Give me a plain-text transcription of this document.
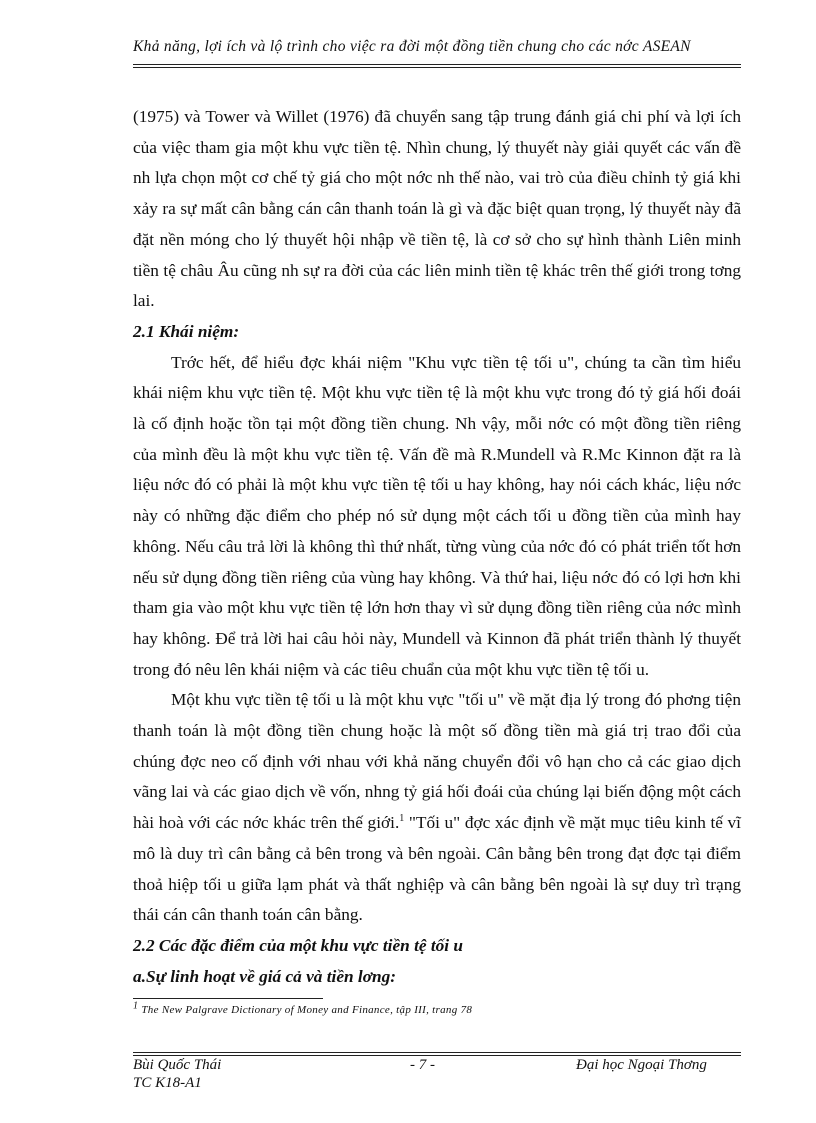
Khả năng, lợi ích và lộ trình cho việc ra đời một đồng tiền chung cho các nớc ASEAN

(1975) và Tower và Willet (1976) đã chuyển sang tập trung đánh giá chi phí và lợi ích của việc tham gia một khu vực tiền tệ. Nhìn chung, lý thuyết này giải quyết các vấn đề nh lựa chọn một cơ chế tỷ giá cho một nớc nh thế nào, vai trò của điều chỉnh tỷ giá khi xảy ra sự mất cân bằng cán cân thanh toán là gì và đặc biệt quan trọng, lý thuyết này đã đặt nền móng cho lý thuyết hội nhập về tiền tệ, là cơ sở cho sự hình thành Liên minh tiền tệ châu Âu cũng nh sự ra đời của các liên minh tiền tệ khác trên thế giới trong tơng lai.

2.1 Khái niệm:

Trớc hết, để hiểu đợc khái niệm "Khu vực tiền tệ tối u", chúng ta cần tìm hiểu khái niệm khu vực tiền tệ. Một khu vực tiền tệ là một khu vực trong đó tỷ giá hối đoái là cố định hoặc tồn tại một đồng tiền chung. Nh vậy, mỗi nớc có một đồng tiền riêng của mình đều là một khu vực tiền tệ. Vấn đề mà R.Mundell và R.Mc Kinnon đặt ra là liệu nớc đó có phải là một khu vực tiền tệ tối u hay không, hay nói cách khác, liệu nớc này có những đặc điểm cho phép nó sử dụng một cách tối u đồng tiền của mình hay không. Nếu câu trả lời là không thì thứ nhất, từng vùng của nớc đó có phát triển tốt hơn nếu sử dụng đồng tiền riêng của vùng hay không. Và thứ hai, liệu nớc đó có lợi hơn khi tham gia vào một khu vực tiền tệ lớn hơn thay vì sử dụng đồng tiền riêng của nớc mình hay không. Để trả lời hai câu hỏi này, Mundell và Kinnon đã phát triển thành lý thuyết trong đó nêu lên khái niệm và các tiêu chuẩn của một khu vực tiền tệ tối u.

Một khu vực tiền tệ tối u là một khu vực "tối u" về mặt địa lý trong đó phơng tiện thanh toán là một đồng tiền chung hoặc là một số đồng tiền mà giá trị trao đổi của chúng đợc neo cố định với nhau với khả năng chuyển đổi vô hạn cho cả các giao dịch vãng lai và các giao dịch về vốn, nhng tỷ giá hối đoái của chúng lại biến động một cách hài hoà với các nớc khác trên thế giới.$^1$ "Tối u" đợc xác định về mặt mục tiêu kinh tế vĩ mô là duy trì cân bằng cả bên trong và bên ngoài. Cân bằng bên trong đạt đợc tại điểm thoả hiệp tối u giữa lạm phát và thất nghiệp và cân bằng bên ngoài là sự duy trì trạng thái cán cân thanh toán cân bằng.

2.2 Các đặc điểm của một khu vực tiền tệ tối u

a.Sự linh hoạt về giá cả và tiền lơng:

$^1$ The New Palgrave Dictionary of Money and Finance, tập III, trang 78
Bùi Quốc Thái
TC K18-A1
- 7 -	Đại học Ngoại Thơng
